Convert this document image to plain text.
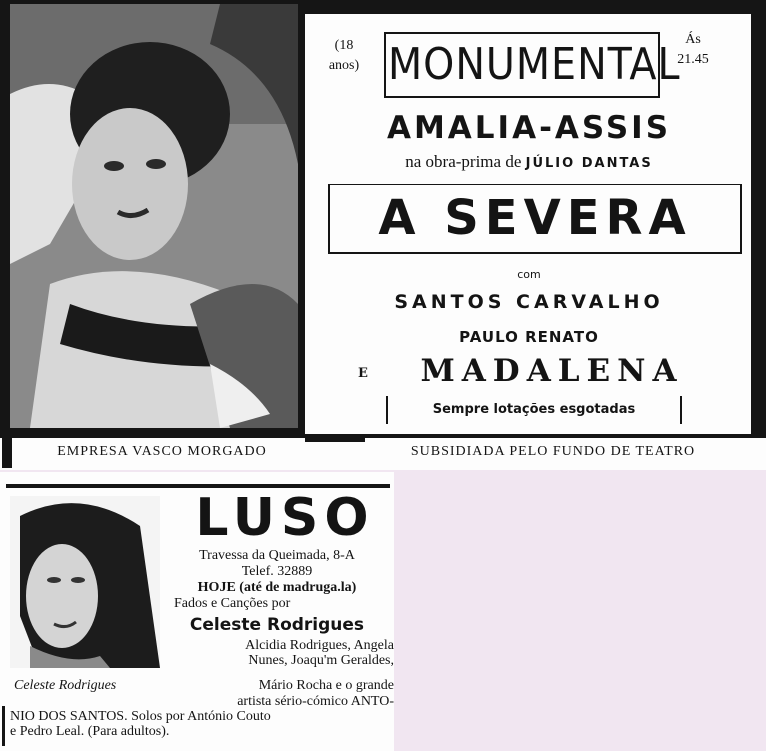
(18
anos) MONUMENTAL Ás
21.45
AMALIA-ASSIS
na obra-prima de JÚLIO DANTAS
A SEVERA
com
SANTOS CARVALHO
PAULO RENATO
E	MADALENA
Sempre lotações esgotadas
EMPRESA VASCO MORGADO	SUBSIDIADA PELO FUNDO DE TEATRO
LUSO
Travessa da Queimada, 8-A
Telef. 32889
HOJE (até de madruga.la)
Fados e Canções por
Celeste Rodrigues
Alcidia Rodrigues, Angela
Nunes, Joaqu'm Geraldes,
Celeste Rodrigues	Mário Rocha e o grande
artista sério-cómico ANTO-
NIO DOS SANTOS. Solos por António Couto
e Pedro Leal. (Para adultos).
